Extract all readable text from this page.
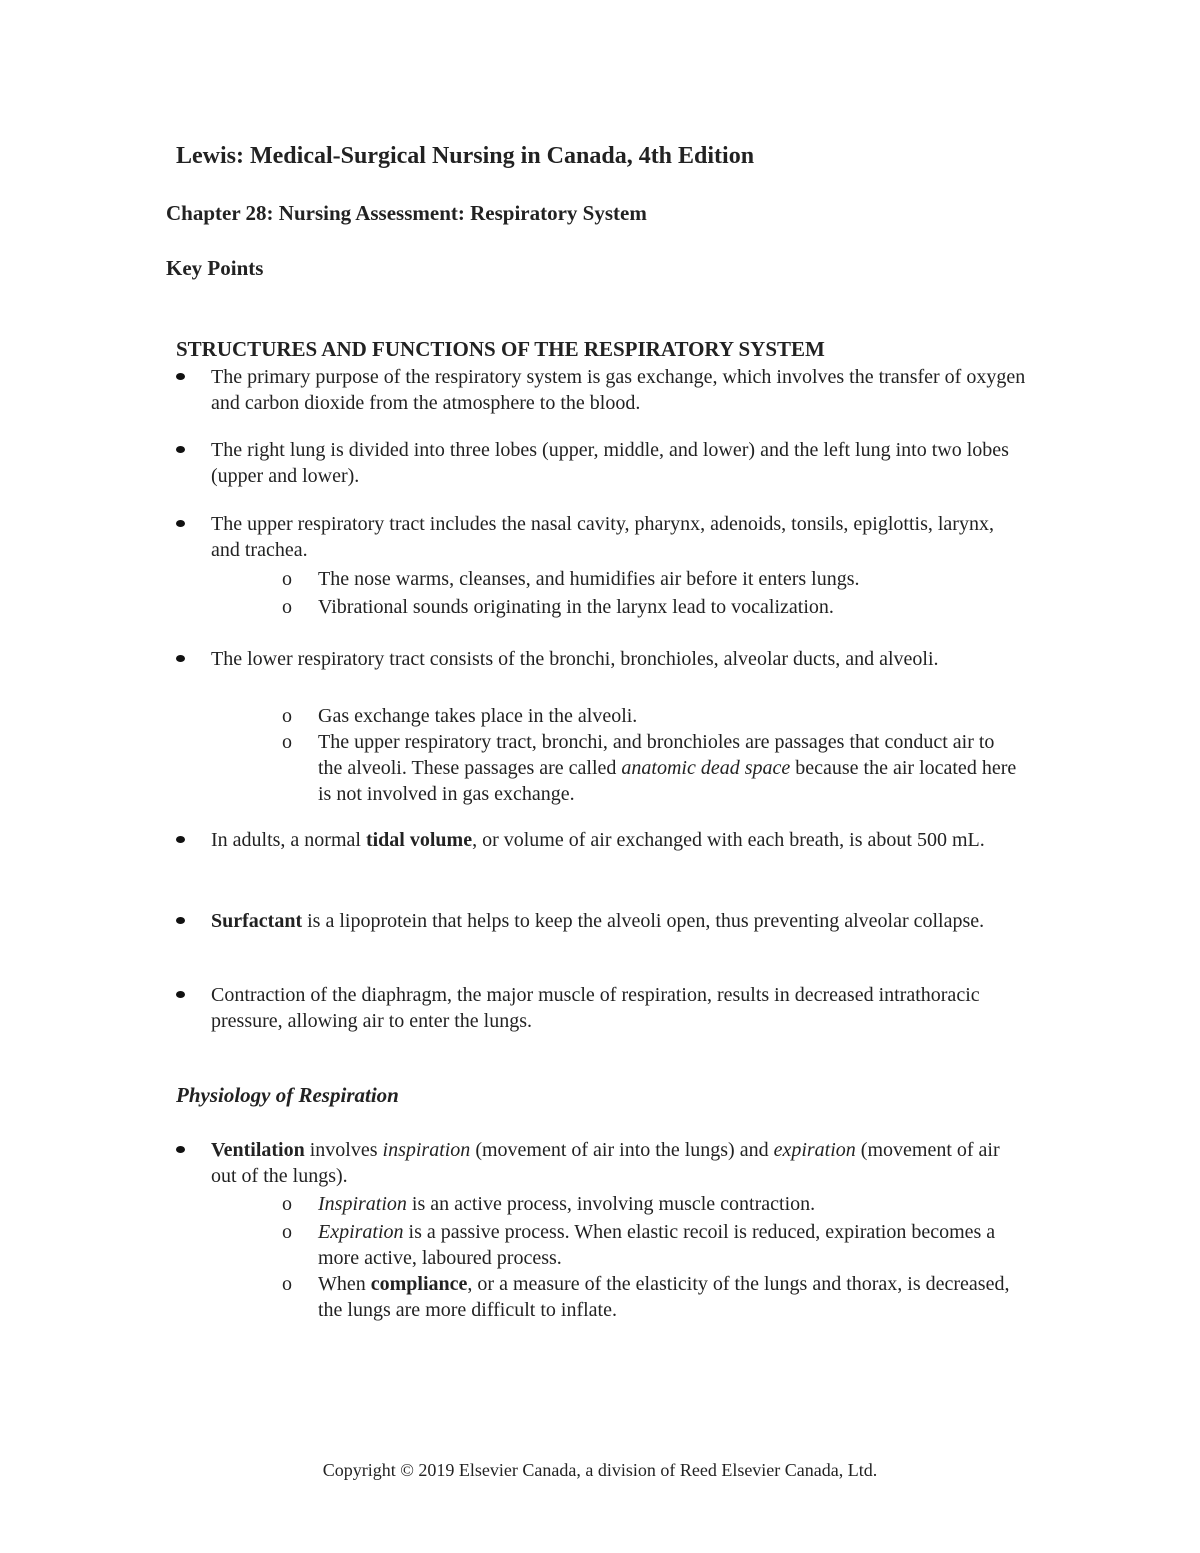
Lewis: Medical-Surgical Nursing in Canada, 4th Edition
Chapter 28: Nursing Assessment: Respiratory System
Key Points
STRUCTURES AND FUNCTIONS OF THE RESPIRATORY SYSTEM
The primary purpose of the respiratory system is gas exchange, which involves the transfer of oxygen and carbon dioxide from the atmosphere to the blood.
The right lung is divided into three lobes (upper, middle, and lower) and the left lung into two lobes (upper and lower).
The upper respiratory tract includes the nasal cavity, pharynx, adenoids, tonsils, epiglottis, larynx, and trachea.
o The nose warms, cleanses, and humidifies air before it enters lungs.
o Vibrational sounds originating in the larynx lead to vocalization.
The lower respiratory tract consists of the bronchi, bronchioles, alveolar ducts, and alveoli.
o Gas exchange takes place in the alveoli.
o The upper respiratory tract, bronchi, and bronchioles are passages that conduct air to the alveoli. These passages are called anatomic dead space because the air located here is not involved in gas exchange.
In adults, a normal tidal volume, or volume of air exchanged with each breath, is about 500 mL.
Surfactant is a lipoprotein that helps to keep the alveoli open, thus preventing alveolar collapse.
Contraction of the diaphragm, the major muscle of respiration, results in decreased intrathoracic pressure, allowing air to enter the lungs.
Physiology of Respiration
Ventilation involves inspiration (movement of air into the lungs) and expiration (movement of air out of the lungs).
o Inspiration is an active process, involving muscle contraction.
o Expiration is a passive process. When elastic recoil is reduced, expiration becomes a more active, laboured process.
o When compliance, or a measure of the elasticity of the lungs and thorax, is decreased, the lungs are more difficult to inflate.

Copyright © 2019 Elsevier Canada, a division of Reed Elsevier Canada, Ltd.
